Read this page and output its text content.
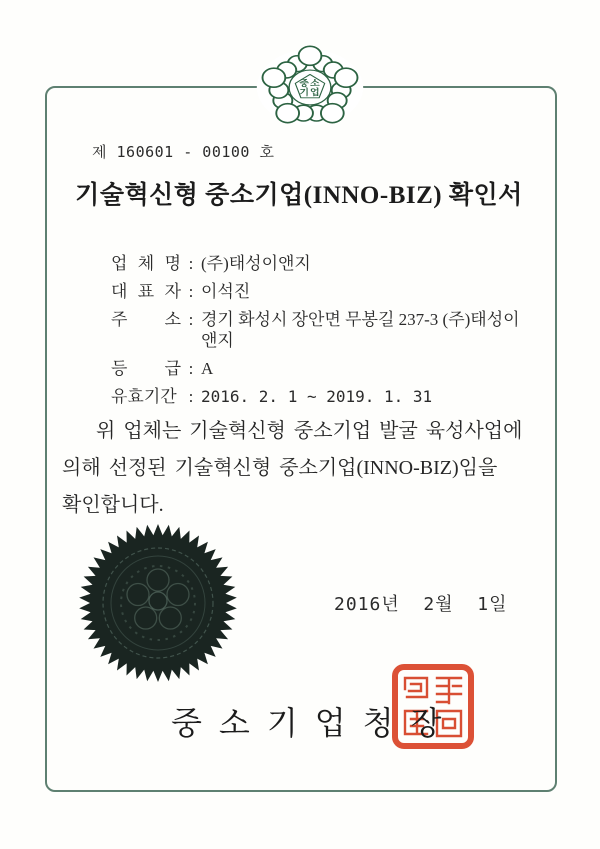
중소
기업
제 160601 - 00100 호
기술혁신형 중소기업(INNO-BIZ) 확인서
업 체 명 : (주)태성이앤지
대 표 자 : 이석진
주 소 : 경기 화성시 장안면 무봉길 237-3 (주)태성이앤지
등 급 : A
유효기간 : 2016. 2. 1 ~ 2019. 1. 31
위 업체는 기술혁신형 중소기업 발굴 육성사업에
의해 선정된 기술혁신형 중소기업(INNO-BIZ)임을
확인합니다.
2016년  2월  1일
중소기업청장
